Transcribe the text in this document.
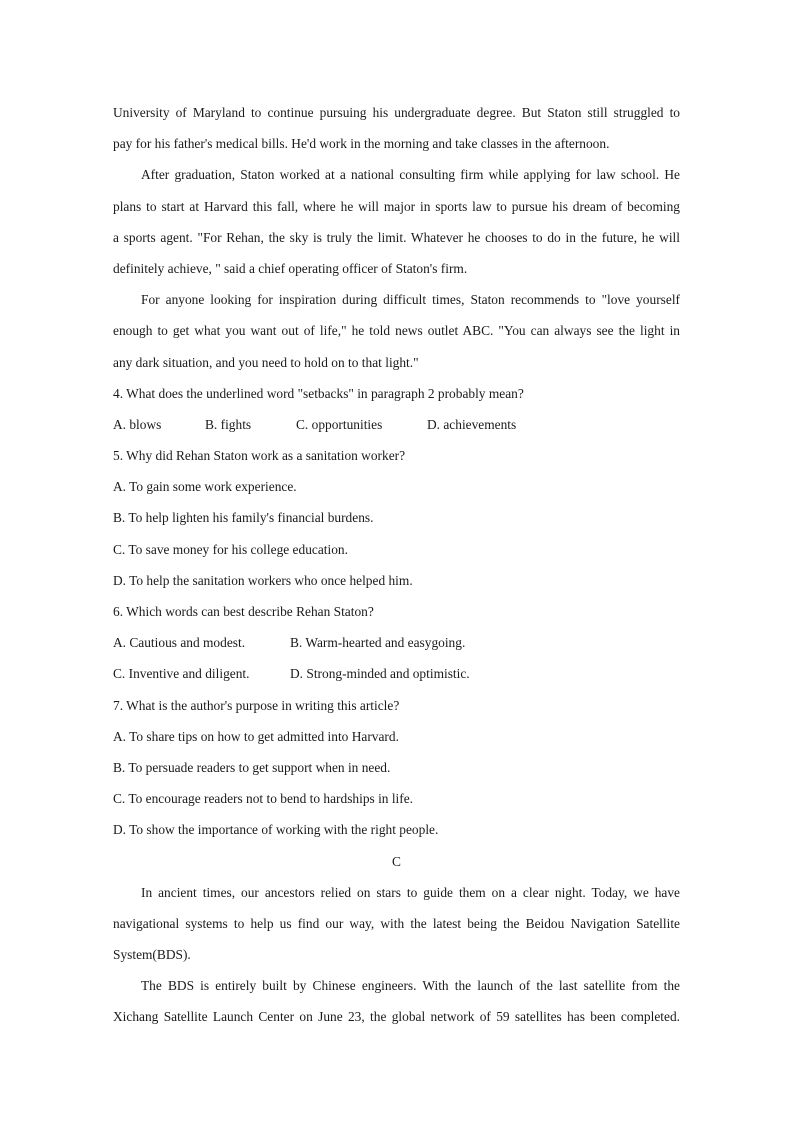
University of Maryland to continue pursuing his undergraduate degree. But Staton still struggled to
pay for his father's medical bills. He'd work in the morning and take classes in the afternoon.
After graduation, Staton worked at a national consulting firm while applying for law school. He
plans to start at Harvard this fall, where he will major in sports law to pursue his dream of becoming
a sports agent. "For Rehan, the sky is truly the limit. Whatever he chooses to do in the future, he will
definitely achieve, " said a chief operating officer of Staton's firm.
For anyone looking for inspiration during difficult times, Staton recommends to "love yourself
enough to get what you want out of life," he told news outlet ABC. "You can always see the light in
any dark situation, and you need to hold on to that light."
4. What does the underlined word "setbacks" in paragraph 2 probably mean?
A. blows	B. fights	C. opportunities	D. achievements
5. Why did Rehan Staton work as a sanitation worker?
A. To gain some work experience.
B. To help lighten his family's financial burdens.
C. To save money for his college education.
D. To help the sanitation workers who once helped him.
6. Which words can best describe Rehan Staton?
A. Cautious and modest.	B. Warm-hearted and easygoing.
C. Inventive and diligent.	D. Strong-minded and optimistic.
7. What is the author's purpose in writing this article?
A. To share tips on how to get admitted into Harvard.
B. To persuade readers to get support when in need.
C. To encourage readers not to bend to hardships in life.
D. To show the importance of working with the right people.
C
In ancient times, our ancestors relied on stars to guide them on a clear night. Today, we have
navigational systems to help us find our way, with the latest being the Beidou Navigation Satellite
System(BDS).
The BDS is entirely built by Chinese engineers. With the launch of the last satellite from the
Xichang Satellite Launch Center on June 23, the global network of 59 satellites has been completed.
